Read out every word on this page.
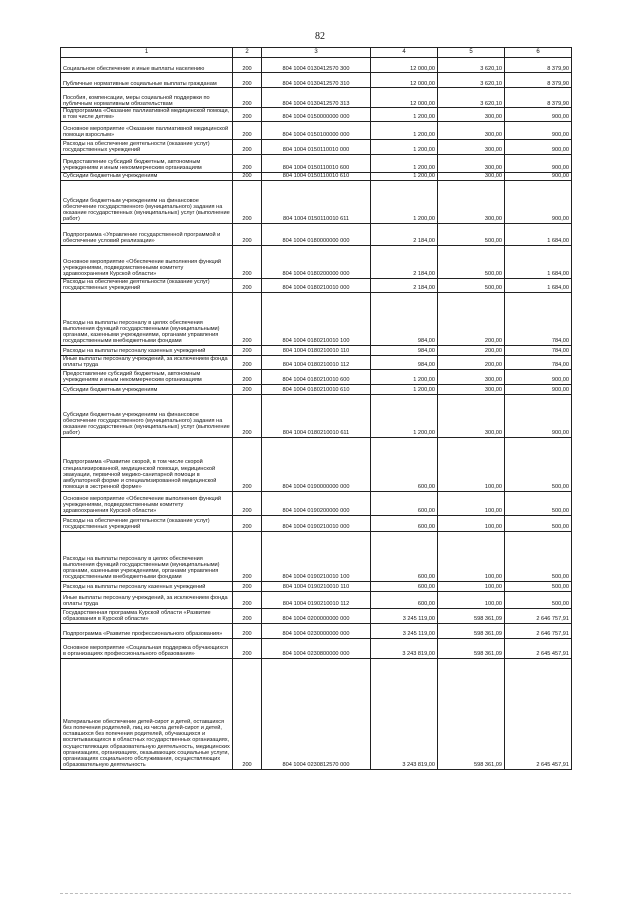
82
1	2	3	4	5	6
Социальное обеспечение и иные выплаты населению	200	804 1004 0130412570 300	12 000,00	3 620,10	8 379,90
Публичные нормативные социальные выплаты гражданам	200	804 1004 0130412570 310	12 000,00	3 620,10	8 379,90
Пособия, компенсации, меры социальной поддержки по публичным нормативным обязательствам	200	804 1004 0130412570 313	12 000,00	3 620,10	8 379,90
Подпрограмма «Оказание паллиативной медицинской помощи, в том числе детям»	200	804 1004 0150000000 000	1 200,00	300,00	900,00
Основное мероприятие «Оказание паллиативной медицинской помощи взрослым»	200	804 1004 0150100000 000	1 200,00	300,00	900,00
Расходы на обеспечение деятельности (оказание услуг) государственных учреждений	200	804 1004 0150110010 000	1 200,00	300,00	900,00
Предоставление субсидий бюджетным, автономным учреждениям и иным некоммерческим организациям	200	804 1004 0150110010 600	1 200,00	300,00	900,00
Субсидии бюджетным учреждениям	200	804 1004 0150110010 610	1 200,00	300,00	900,00
Субсидии бюджетным учреждениям на финансовое обеспечение государственного (муниципального) задания на оказание государственных (муниципальных) услуг (выполнение работ)	200	804 1004 0150110010 611	1 200,00	300,00	900,00
Подпрограмма «Управление государственной программой и обеспечение условий реализации»	200	804 1004 0180000000 000	2 184,00	500,00	1 684,00
Основное мероприятие «Обеспечение выполнения функций учреждениями, подведомственными комитету здравоохранения Курской области»	200	804 1004 0180200000 000	2 184,00	500,00	1 684,00
Расходы на обеспечение деятельности (оказание услуг) государственных учреждений	200	804 1004 0180210010 000	2 184,00	500,00	1 684,00
Расходы на выплаты персоналу в целях обеспечения выполнения функций государственными (муниципальными) органами, казенными учреждениями, органами управления государственными внебюджетными фондами	200	804 1004 0180210010 100	984,00	200,00	784,00
Расходы на выплаты персоналу казенных учреждений	200	804 1004 0180210010 110	984,00	200,00	784,00
Иные выплаты персоналу учреждений, за исключением фонда оплаты труда	200	804 1004 0180210010 112	984,00	200,00	784,00
Предоставление субсидий бюджетным, автономным учреждениям и иным некоммерческим организациям	200	804 1004 0180210010 600	1 200,00	300,00	900,00
Субсидии бюджетным учреждениям	200	804 1004 0180210010 610	1 200,00	300,00	900,00
Субсидии бюджетным учреждениям на финансовое обеспечение государственного (муниципального) задания на оказание государственных (муниципальных) услуг (выполнение работ)	200	804 1004 0180210010 611	1 200,00	300,00	900,00
Подпрограмма «Развитие скорой, в том числе скорой специализированной, медицинской помощи, медицинской эвакуации, первичной медико-санитарной помощи в амбулаторной форме и специализированной медицинской помощи в экстренной форме»	200	804 1004 0190000000 000	600,00	100,00	500,00
Основное мероприятие «Обеспечение выполнения функций учреждениями, подведомственными комитету здравоохранения Курской области»	200	804 1004 0190200000 000	600,00	100,00	500,00
Расходы на обеспечение деятельности (оказание услуг) государственных учреждений	200	804 1004 0190210010 000	600,00	100,00	500,00
Расходы на выплаты персоналу в целях обеспечения выполнения функций государственными (муниципальными) органами, казенными учреждениями, органами управления государственными внебюджетными фондами	200	804 1004 0190210010 100	600,00	100,00	500,00
Расходы на выплаты персоналу казенных учреждений	200	804 1004 0190210010 110	600,00	100,00	500,00
Иные выплаты персоналу учреждений, за исключением фонда оплаты труда	200	804 1004 0190210010 112	600,00	100,00	500,00
Государственная программа Курской области «Развитие образования в Курской области»	200	804 1004 0200000000 000	3 245 119,00	598 361,09	2 646 757,91
Подпрограмма «Развитие профессионального образования»	200	804 1004 0230000000 000	3 245 119,00	598 361,09	2 646 757,91
Основное мероприятие «Социальная поддержка обучающихся в организациях профессионального образования»	200	804 1004 0230800000 000	3 243 819,00	598 361,09	2 645 457,91
Материальное обеспечение детей-сирот и детей, оставшихся без попечения родителей, лиц из числа детей-сирот и детей, оставшихся без попечения родителей, обучающихся и воспитывающихся в областных государственных организациях, осуществляющих образовательную деятельность, медицинских организациях, организациях, оказывающих социальные услуги, организациях социального обслуживания, осуществляющих образовательную деятельность	200	804 1004 0230812570 000	3 243 819,00	598 361,09	2 645 457,91
